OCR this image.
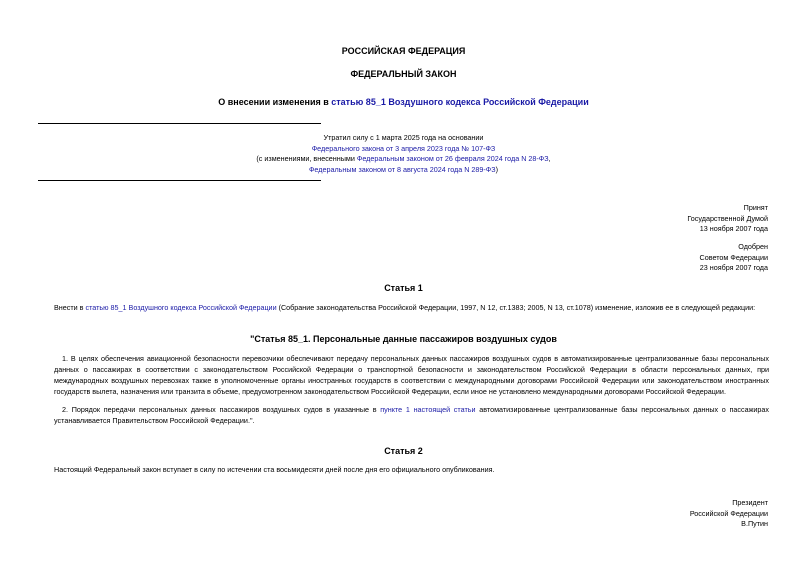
РОССИЙСКАЯ ФЕДЕРАЦИЯ
ФЕДЕРАЛЬНЫЙ ЗАКОН
О внесении изменения в статью 85_1 Воздушного кодекса Российской Федерации
Утратил силу с 1 марта 2025 года на основании
Федерального закона от 3 апреля 2023 года № 107-ФЗ
(с изменениями, внесенными Федеральным законом от 26 февраля 2024 года N 28-ФЗ,
Федеральным законом от 8 августа 2024 года N 289-ФЗ)
Принят
Государственной Думой
13 ноября 2007 года
Одобрен
Советом Федерации
23 ноября 2007 года
Статья 1
Внести в статью 85_1 Воздушного кодекса Российской Федерации (Собрание законодательства Российской Федерации, 1997, N 12, ст.1383; 2005, N 13, ст.1078) изменение, изложив ее в следующей редакции:
"Статья 85_1. Персональные данные пассажиров воздушных судов
1. В целях обеспечения авиационной безопасности перевозчики обеспечивают передачу персональных данных пассажиров воздушных судов в автоматизированные централизованные базы персональных данных о пассажирах в соответствии с законодательством Российской Федерации о транспортной безопасности и законодательством Российской Федерации в области персональных данных, при международных воздушных перевозках также в уполномоченные органы иностранных государств в соответствии с международными договорами Российской Федерации или законодательством иностранных государств вылета, назначения или транзита в объеме, предусмотренном законодательством Российской Федерации, если иное не установлено международными договорами Российской Федерации.
2. Порядок передачи персональных данных пассажиров воздушных судов в указанные в пункте 1 настоящей статьи автоматизированные централизованные базы персональных данных о пассажирах устанавливается Правительством Российской Федерации.".
Статья 2
Настоящий Федеральный закон вступает в силу по истечении ста восьмидесяти дней после дня его официального опубликования.
Президент
Российской Федерации
В.Путин
